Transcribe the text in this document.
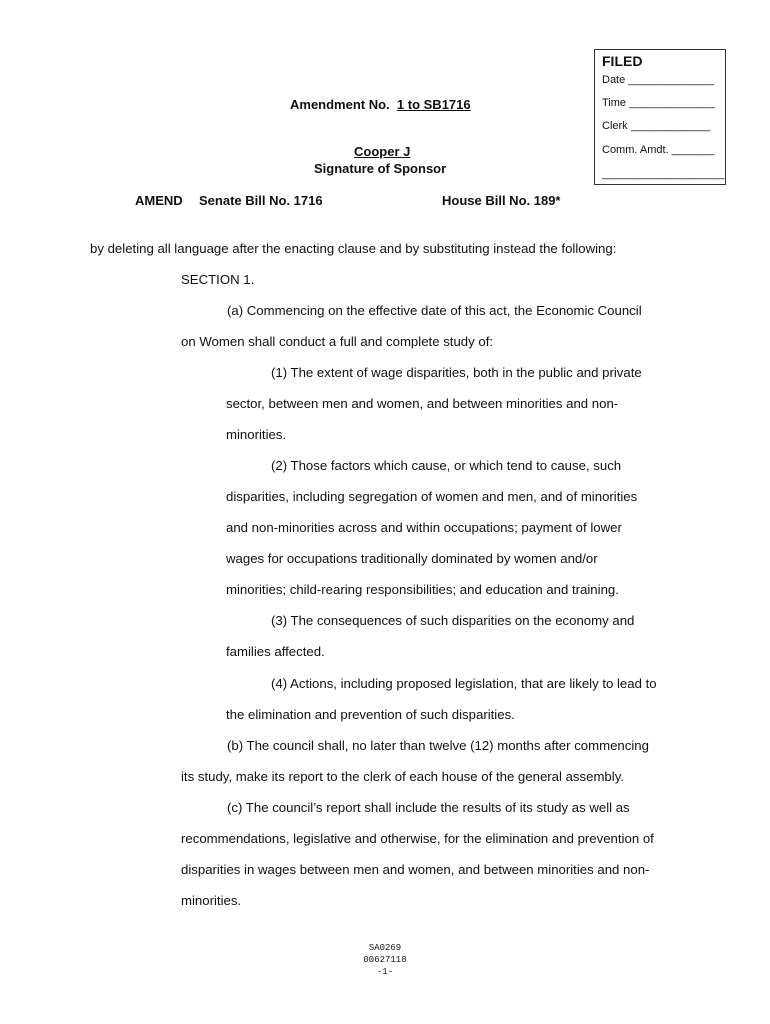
FILED
Date ______________
Time ______________
Clerk _____________
Comm. Amdt. _______
____________________
Amendment No. 1 to SB1716
Cooper J
Signature of Sponsor
AMEND Senate Bill No. 1716	House Bill No. 189*
by deleting all language after the enacting clause and by substituting instead the following:
SECTION 1.
(a) Commencing on the effective date of this act, the Economic Council
on Women shall conduct a full and complete study of:
(1) The extent of wage disparities, both in the public and private
sector, between men and women, and between minorities and non-
minorities.
(2) Those factors which cause, or which tend to cause, such
disparities, including segregation of women and men, and of minorities
and non-minorities across and within occupations; payment of lower
wages for occupations traditionally dominated by women and/or
minorities; child-rearing responsibilities; and education and training.
(3) The consequences of such disparities on the economy and
families affected.
(4) Actions, including proposed legislation, that are likely to lead to
the elimination and prevention of such disparities.
(b) The council shall, no later than twelve (12) months after commencing
its study, make its report to the clerk of each house of the general assembly.
(c) The council’s report shall include the results of its study as well as
recommendations, legislative and otherwise, for the elimination and prevention of
disparities in wages between men and women, and between minorities and non-
minorities.
SA0269
00627118
-1-
